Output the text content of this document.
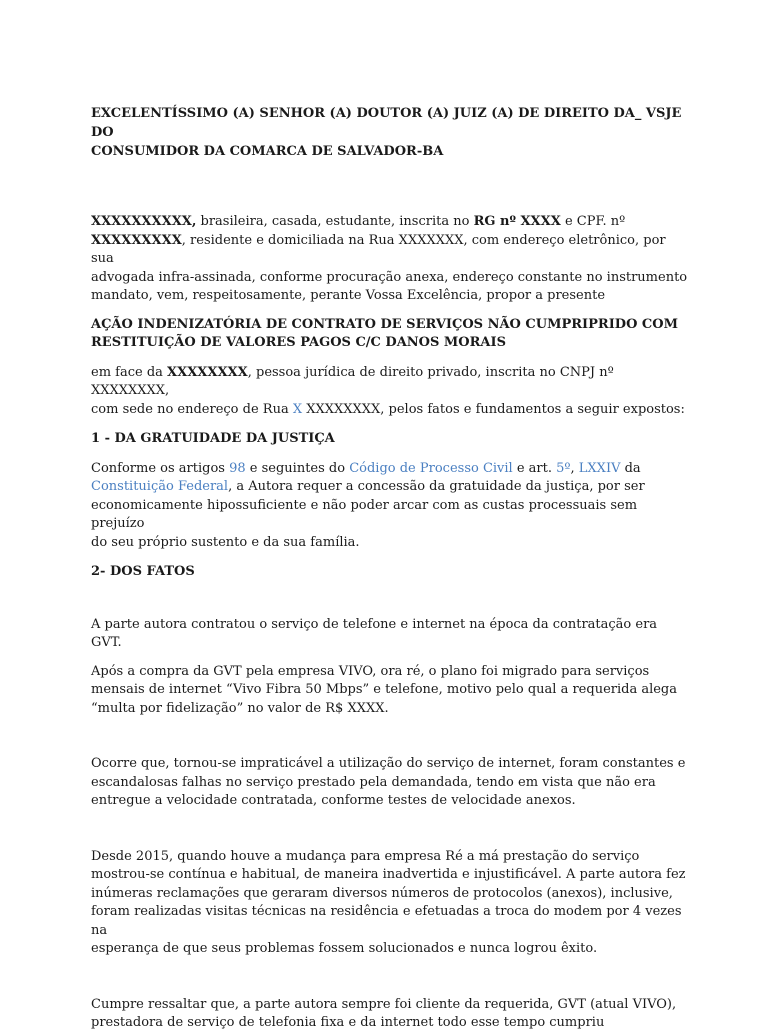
EXCELENTÍSSIMO (A) SENHOR (A) DOUTOR (A) JUIZ (A) DE DIREITO DA_ VSJE DO
CONSUMIDOR DA COMARCA DE SALVADOR-BA

XXXXXXXXXX, brasileira, casada, estudante, inscrita no RG nº XXXX e CPF. nº
XXXXXXXXX, residente e domiciliada na Rua XXXXXXX, com endereço eletrônico, por sua
advogada infra-assinada, conforme procuração anexa, endereço constante no instrumento
mandato, vem, respeitosamente, perante Vossa Excelência, propor a presente

AÇÃO INDENIZATÓRIA DE CONTRATO DE SERVIÇOS NÃO CUMPRIPRIDO COM
RESTITUIÇÃO DE VALORES PAGOS C/C DANOS MORAIS

em face da XXXXXXXX, pessoa jurídica de direito privado, inscrita no CNPJ nº XXXXXXXX,
com sede no endereço de Rua X XXXXXXXX, pelos fatos e fundamentos a seguir expostos:

1 - DA GRATUIDADE DA JUSTIÇA

Conforme os artigos 98 e seguintes do Código de Processo Civil e art. 5º, LXXIV da
Constituição Federal, a Autora requer a concessão da gratuidade da justiça, por ser
economicamente hipossuficiente e não poder arcar com as custas processuais sem prejuízo
do seu próprio sustento e da sua família.

2- DOS FATOS

A parte autora contratou o serviço de telefone e internet na época da contratação era GVT.

Após a compra da GVT pela empresa VIVO, ora ré, o plano foi migrado para serviços
mensais de internet “Vivo Fibra 50 Mbps” e telefone, motivo pelo qual a requerida alega
“multa por fidelização” no valor de R$ XXXX.

Ocorre que, tornou-se impraticável a utilização do serviço de internet, foram constantes e
escandalosas falhas no serviço prestado pela demandada, tendo em vista que não era
entregue a velocidade contratada, conforme testes de velocidade anexos.

Desde 2015, quando houve a mudança para empresa Ré a má prestação do serviço
mostrou-se contínua e habitual, de maneira inadvertida e injustificável. A parte autora fez
inúmeras reclamações que geraram diversos números de protocolos (anexos), inclusive,
foram realizadas visitas técnicas na residência e efetuadas a troca do modem por 4 vezes na
esperança de que seus problemas fossem solucionados e nunca logrou êxito.

Cumpre ressaltar que, a parte autora sempre foi cliente da requerida, GVT (atual VIVO),
prestadora de serviço de telefonia fixa e da internet todo esse tempo cumpriu
